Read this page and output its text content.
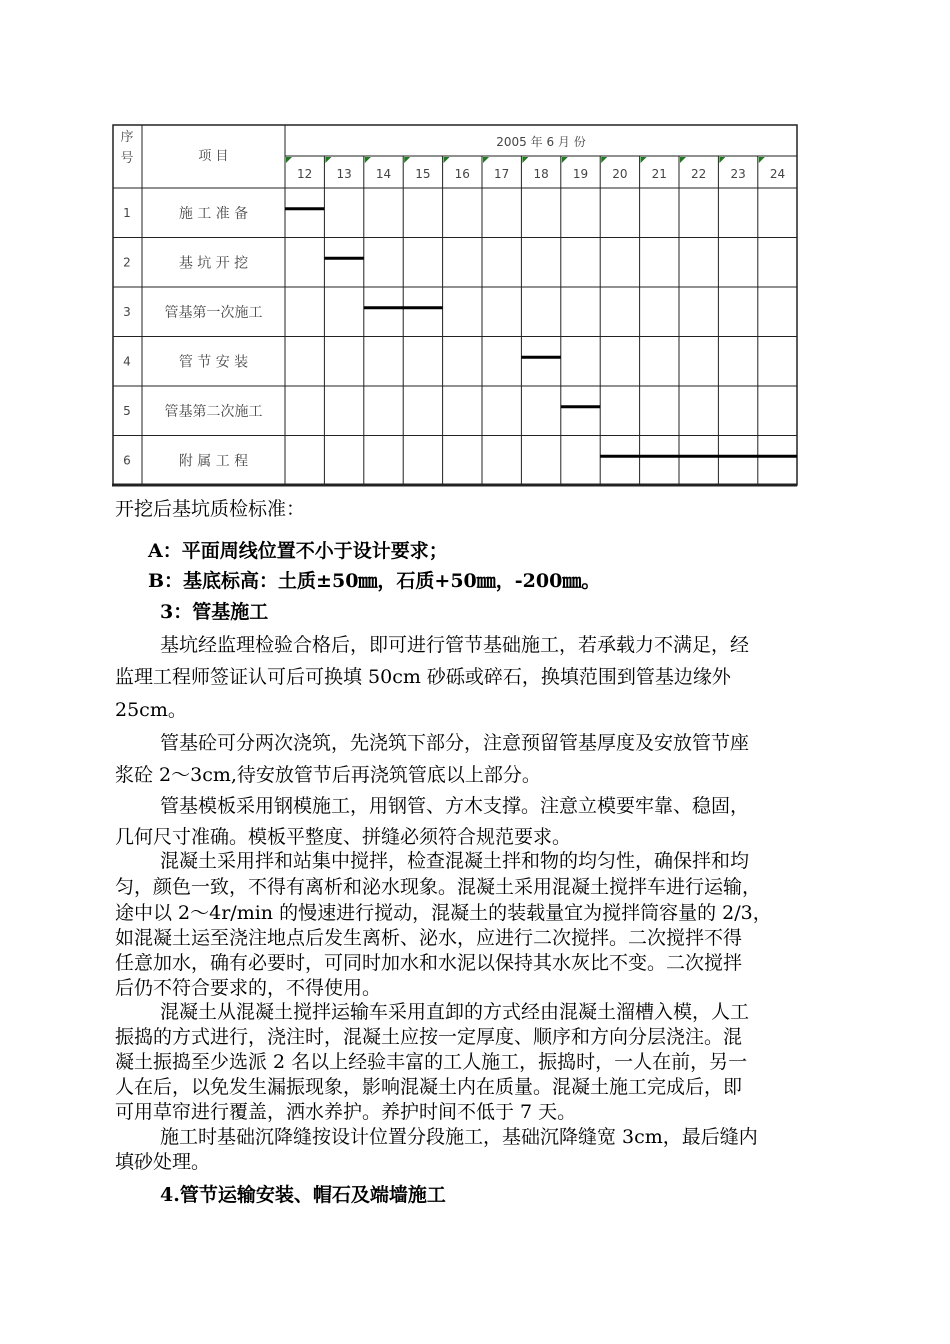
序
号	项 目
2005 年 6 月 份
12 13 14 15 16 17 18 19 20 21 22 23 24
1	施 工 准 备
2	基 坑 开 挖
3 管基第一次施工
4	管 节 安 装
5 管基第二次施工
6	附 属 工 程
开挖后基坑质检标准：
A：平面周线位置不小于设计要求；
B：基底标高：土质±50㎜，石质+50㎜，-200㎜。
3：管基施工
基坑经监理检验合格后，即可进行管节基础施工，若承载力不满足，经
监理工程师签证认可后可换填 50cm 砂砾或碎石，换填范围到管基边缘外
25cm。
管基砼可分两次浇筑，先浇筑下部分，注意预留管基厚度及安放管节座
浆砼 2～3cm,待安放管节后再浇筑管底以上部分。
管基模板采用钢模施工，用钢管、方木支撑。注意立模要牢靠、稳固，
几何尺寸准确。模板平整度、拼缝必须符合规范要求。
混凝土采用拌和站集中搅拌，检查混凝土拌和物的均匀性，确保拌和均
匀，颜色一致，不得有离析和泌水现象。混凝土采用混凝土搅拌车进行运输，
途中以 2～4r/min 的慢速进行搅动，混凝土的装载量宜为搅拌筒容量的 2/3，
如混凝土运至浇注地点后发生离析、泌水，应进行二次搅拌。二次搅拌不得
任意加水，确有必要时，可同时加水和水泥以保持其水灰比不变。二次搅拌
后仍不符合要求的，不得使用。
混凝土从混凝土搅拌运输车采用直卸的方式经由混凝土溜槽入模，人工
振捣的方式进行，浇注时，混凝土应按一定厚度、顺序和方向分层浇注。混
凝土振捣至少选派 2 名以上经验丰富的工人施工，振捣时，一人在前，另一
人在后，以免发生漏振现象，影响混凝土内在质量。混凝土施工完成后，即
可用草帘进行覆盖，洒水养护。养护时间不低于 7 天。
施工时基础沉降缝按设计位置分段施工，基础沉降缝宽 3cm，最后缝内
填砂处理。
4.管节运输安装、帽石及端墙施工
